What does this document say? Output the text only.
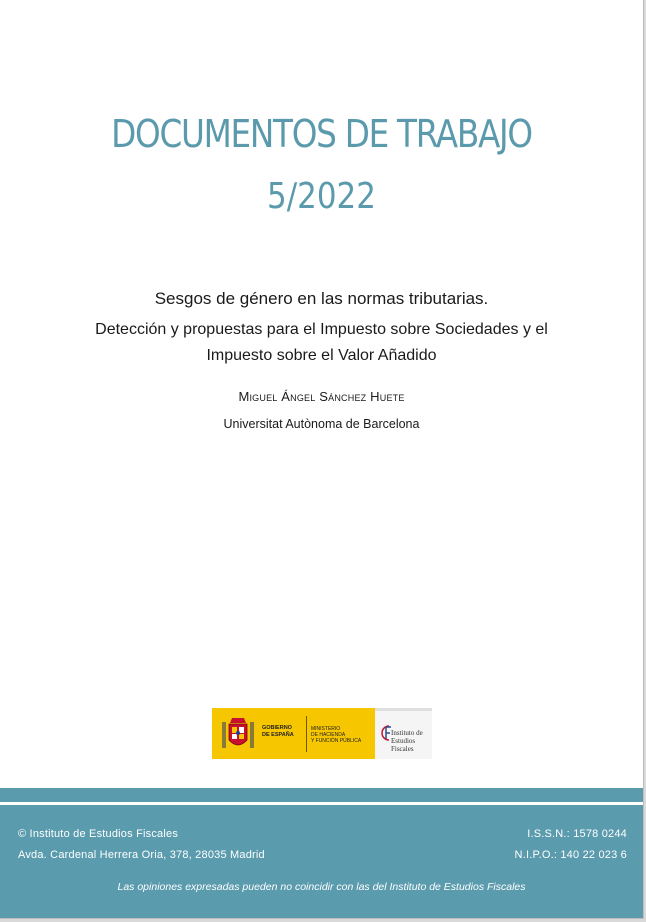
DOCUMENTOS DE TRABAJO
5/2022
Sesgos de género en las normas tributarias.
Detección y propuestas para el Impuesto sobre Sociedades y el
Impuesto sobre el Valor Añadido
Miguel Ángel Sánchez Huete
Universitat Autònoma de Barcelona
GOBIERNO
DE ESPAÑA
MINISTERIO
DE HACIENDA
Y FUNCIÓN PÚBLICA
Instituto de
Estudios Fiscales
© Instituto de Estudios Fiscales
Avda. Cardenal Herrera Oria, 378, 28035 Madrid
I.S.S.N.: 1578 0244
N.I.P.O.: 140 22 023 6
Las opiniones expresadas pueden no coincidir con las del Instituto de Estudios Fiscales
